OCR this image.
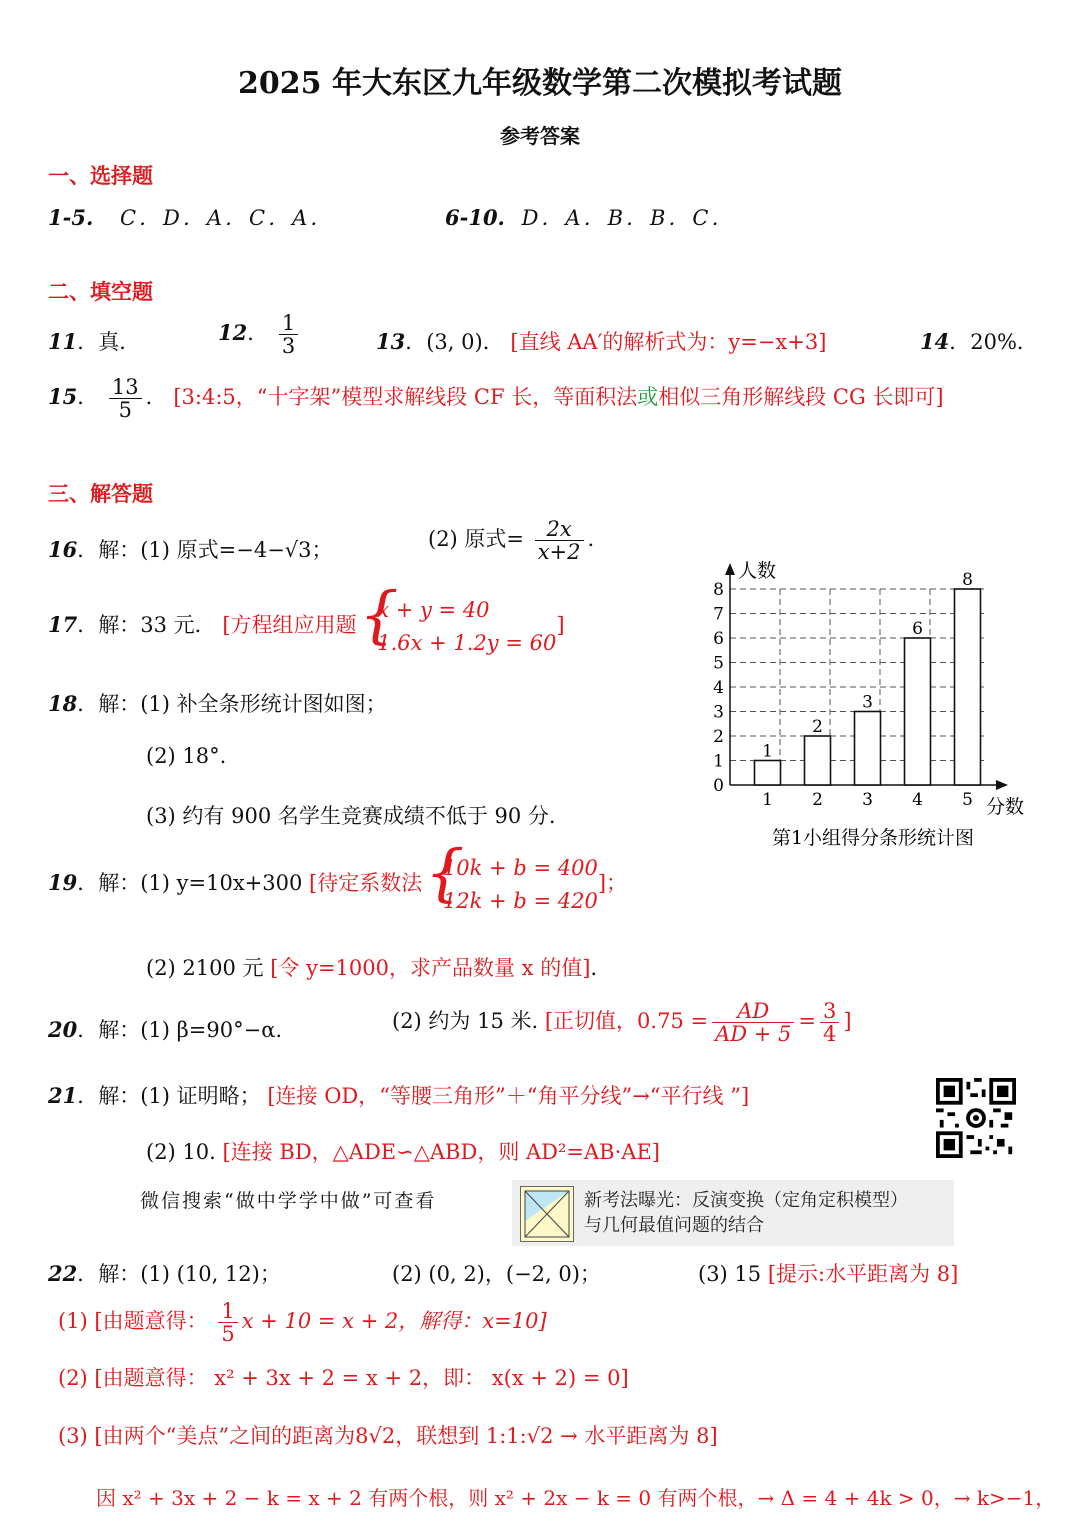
2025 年大东区九年级数学第二次模拟考试题
参考答案
一、选择题
1-5. C．D．A．C．A．	6-10. D．A．B．B．C．
二、填空题
11．真．	12． $\frac{1}{3}$	13．(3, 0)． [直线 AA′的解析式为：y=−x+3]	14．20%．
15． $\frac{13}{5}$ ． [3:4:5，“十字架”模型求解线段 CF 长，等面积法或相似三角形解线段 CG 长即可]
三、解答题
16．解：(1) 原式=−4−√3；	(2) 原式= $\frac{2x}{x+2}$ .
17．解：33 元． [方程组应用题
{ x + y = 40
1.6x + 1.2y = 60
]
18．解：(1) 补全条形统计图如图；
(2) 18°.
(3) 约有 900 名学生竞赛成绩不低于 90 分.
19．解：(1) y=10x+300 [待定系数法
{ 10k + b = 400
12k + b = 420
]；
(2) 2100 元 [令 y=1000，求产品数量 x 的值].
20．解：(1) β=90°−α.	(2) 约为 15 米. [正切值，$0.75 = \frac{AD}{AD + 5} = \frac{3}{4}$ ]
21．解：(1) 证明略； [连接 OD，“等腰三角形”＋“角平分线”→“平行线 ”]
(2) 10. [连接 BD，△ADE∽△ABD，则 AD²=AB·AE]
微信搜索“做中学学中做”可查看	新考法曝光：反演变换（定角定积模型）
与几何最值问题的结合
22．解：(1) (10, 12)；	(2) (0, 2)，(−2, 0)；	(3) 15 [提示:水平距离为 8]
(1) [由题意得： $\frac{1}{5}$ x + 10 = x + 2，解得：x=10]
(2) [由题意得： x² + 3x + 2 = x + 2，即： x(x + 2) = 0]
(3) [由两个“美点”之间的距离为8√2，联想到 1:1:√2 → 水平距离为 8]
因 x² + 3x + 2 − k = x + 2 有两个根，则 x² + 2x − k = 0 有两个根，→ Δ = 4 + 4k > 0，→ k>−1，
0
1
2
3
4
5
6
7
8
1
1
2
2
3
3
6
4
8
5
人数
分数
第1小组得分条形统计图
